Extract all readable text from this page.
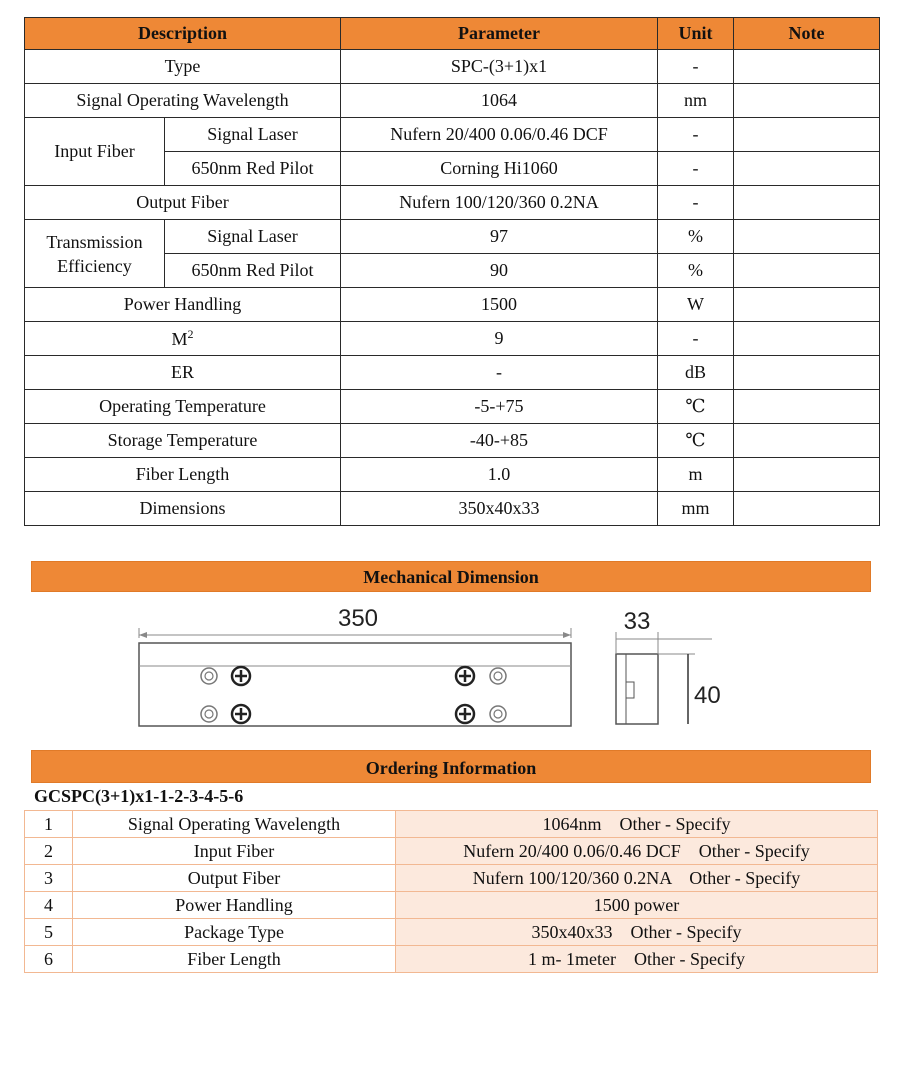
Description		Parameter	Unit	Note
Type		SPC-(3+1)x1	-	
Signal Operating Wavelength		1064	nm	
Input Fiber	Signal Laser	Nufern 20/400 0.06/0.46 DCF	-	
	650nm Red Pilot	Corning Hi1060	-	
Output Fiber		Nufern 100/120/360 0.2NA	-	
Transmission
Efficiency	Signal Laser	97	%	
	650nm Red Pilot	90	%	
Power Handling		1500	W	
$M^2$		9	-	
ER		-	dB	
Operating Temperature		-5-+75	℃	
Storage Temperature		-40-+85	℃	
Fiber Length		1.0	m	
Dimensions		350x40x33	mm	
Mechanical Dimension
350	33
40
Ordering Information
GCSPC(3+1)x1-1-2-3-4-5-6
1	Signal Operating Wavelength	1064nm    Other - Specify
2	Input Fiber	Nufern 20/400 0.06/0.46 DCF    Other - Specify
3	Output Fiber	Nufern 100/120/360 0.2NA    Other - Specify
4	Power Handling	1500 power
5	Package Type	350x40x33    Other - Specify
6	Fiber Length	1 m- 1meter    Other - Specify
